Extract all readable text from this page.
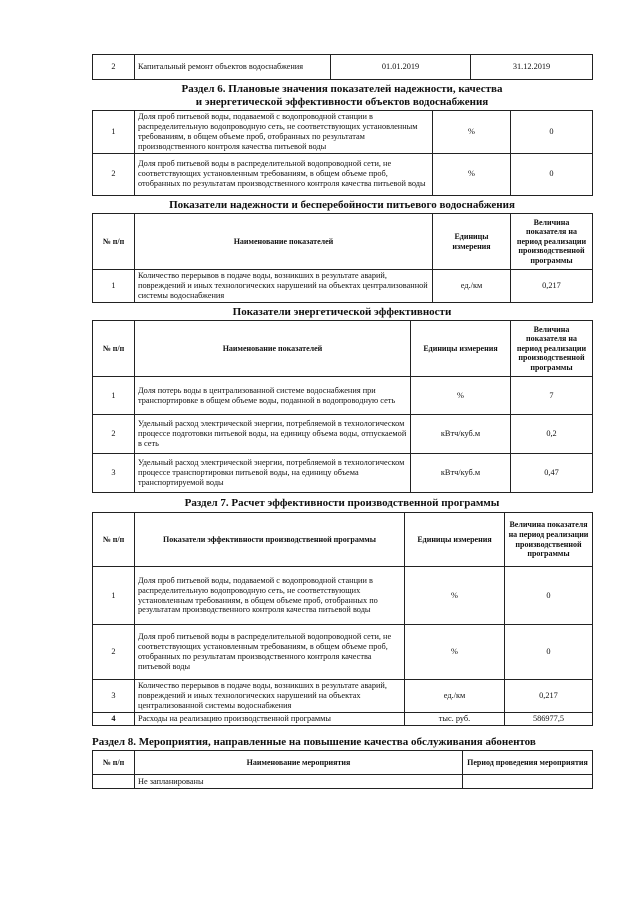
2	Капитальный ремонт объектов водоснабжения	01.01.2019	31.12.2019
Раздел 6. Плановые значения показателей надежности, качества
и энергетической эффективности объектов водоснабжения
1	Доля проб питьевой воды, подаваемой с водопроводной станции в распределительную водопроводную сеть, не соответствующих установленным требованиям, в общем объеме проб, отобранных по результатам производственного контроля качества питьевой воды	%	0
2	Доля проб питьевой воды в распределительной водопроводной сети, не соответствующих установленным требованиям, в общем объеме проб, отобранных по результатам производственного контроля качества питьевой воды	%	0
Показатели надежности и бесперебойности питьевого водоснабжения
№ п/п	Наименование показателей	Единицы измерения	Величина показателя на период реализации производственной программы
1	Количество перерывов в подаче воды, возникших в результате аварий, повреждений и иных технологических нарушений на объектах централизованной системы водоснабжения	ед./км	0,217
Показатели энергетической эффективности
№ п/п	Наименование показателей	Единицы измерения	Величина показателя на период реализации производственной программы
1	Доля потерь воды в централизованной системе водоснабжения при транспортировке в общем объеме воды, поданной в водопроводную сеть	%	7
2	Удельный расход электрической энергии, потребляемой в технологическом процессе подготовки питьевой воды, на единицу объема воды, отпускаемой в сеть	кВтч/куб.м	0,2
3	Удельный расход электрической энергии, потребляемой в технологическом процессе транспортировки питьевой воды, на единицу объема транспортируемой воды	кВтч/куб.м	0,47
Раздел 7. Расчет эффективности производственной программы
№ п/п	Показатели эффективности производственной программы	Единицы измерения	Величина показателя на период реализации производственной программы
1	Доля проб питьевой воды, подаваемой с водопроводной станции в распределительную водопроводную сеть, не соответствующих установленным требованиям, в общем объеме проб, отобранных по результатам производственного контроля качества питьевой воды	%	0
2	Доля проб питьевой воды в распределительной водопроводной сети, не соответствующих установленным требованиям, в общем объеме проб, отобранных по результатам производственного контроля качества питьевой воды	%	0
3	Количество перерывов в подаче воды, возникших в результате аварий, повреждений и иных технологических нарушений на объектах централизованной системы водоснабжения	ед./км	0,217
4	Расходы на реализацию производственной программы	тыс. руб.	586977,5
Раздел 8. Мероприятия, направленные на повышение качества обслуживания абонентов
№ п/п	Наименование мероприятия	Период проведения мероприятия
	Не запланированы	
